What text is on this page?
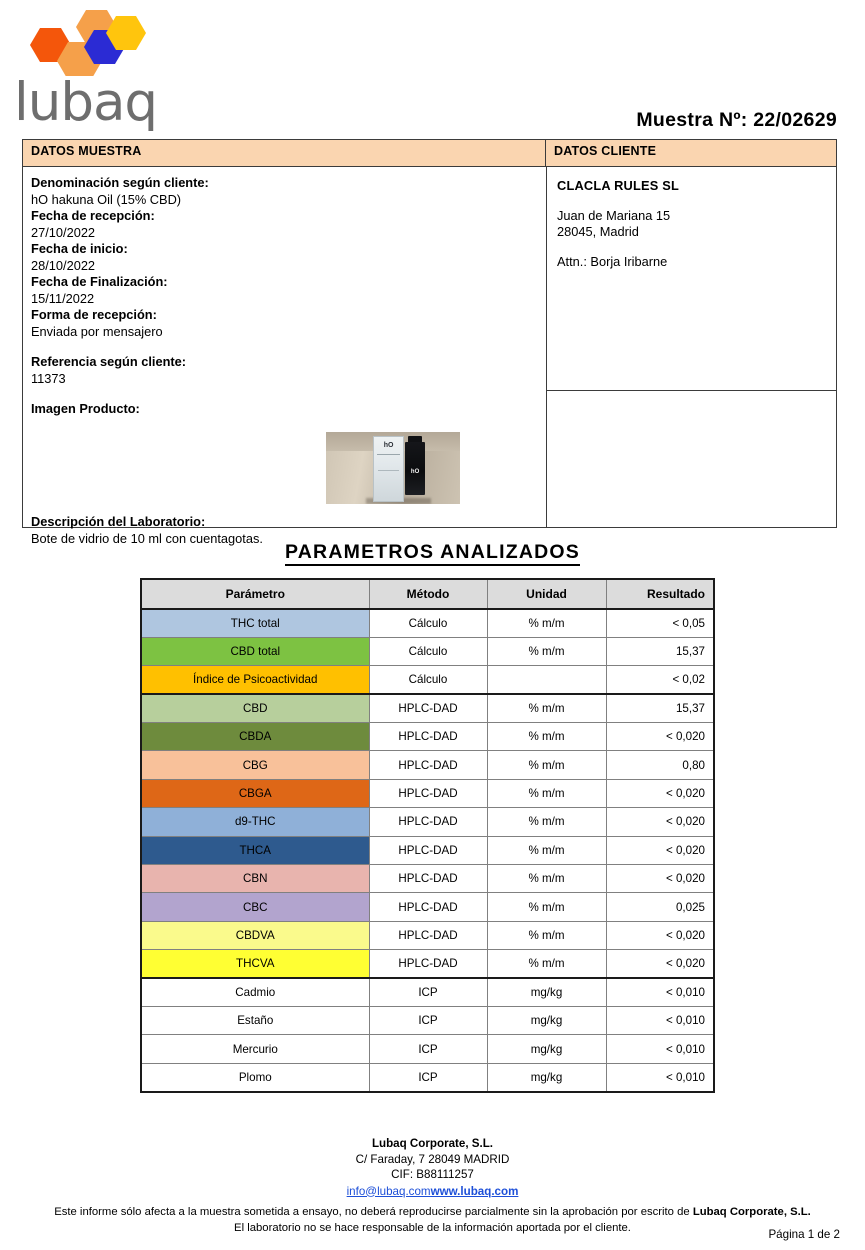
lubaq	Muestra Nº: 22/02629
DATOS MUESTRA	DATOS CLIENTE
Denominación según cliente:
hO hakuna Oil (15% CBD)
Fecha de recepción:
27/10/2022
Fecha de inicio:
28/10/2022
Fecha de Finalización:
15/11/2022
Forma de recepción:
Enviada por mensajero
Referencia según cliente:
11373
Imagen Producto:
hO
hO
Descripción del Laboratorio:
Bote de vidrio de 10 ml con cuentagotas.
CLACLA RULES SL
Juan de Mariana 15
28045, Madrid
Attn.: Borja Iribarne
PARAMETROS ANALIZADOS
Parámetro	Método	Unidad	Resultado
THC total	Cálculo	% m/m	< 0,05
CBD total	Cálculo	% m/m	15,37
Índice de Psicoactividad	Cálculo		< 0,02
CBD	HPLC-DAD	% m/m	15,37
CBDA	HPLC-DAD	% m/m	< 0,020
CBG	HPLC-DAD	% m/m	0,80
CBGA	HPLC-DAD	% m/m	< 0,020
d9-THC	HPLC-DAD	% m/m	< 0,020
THCA	HPLC-DAD	% m/m	< 0,020
CBN	HPLC-DAD	% m/m	< 0,020
CBC	HPLC-DAD	% m/m	0,025
CBDVA	HPLC-DAD	% m/m	< 0,020
THCVA	HPLC-DAD	% m/m	< 0,020
Cadmio	ICP	mg/kg	< 0,010
Estaño	ICP	mg/kg	< 0,010
Mercurio	ICP	mg/kg	< 0,010
Plomo	ICP	mg/kg	< 0,010
Lubaq Corporate, S.L.
C/ Faraday, 7 28049 MADRID
CIF: B88111257
info@lubaq.comwww.lubaq.com
Este informe sólo afecta a la muestra sometida a ensayo, no deberá reproducirse parcialmente sin la aprobación por escrito de Lubaq Corporate, S.L.
El laboratorio no se hace responsable de la información aportada por el cliente.
Página 1 de 2
